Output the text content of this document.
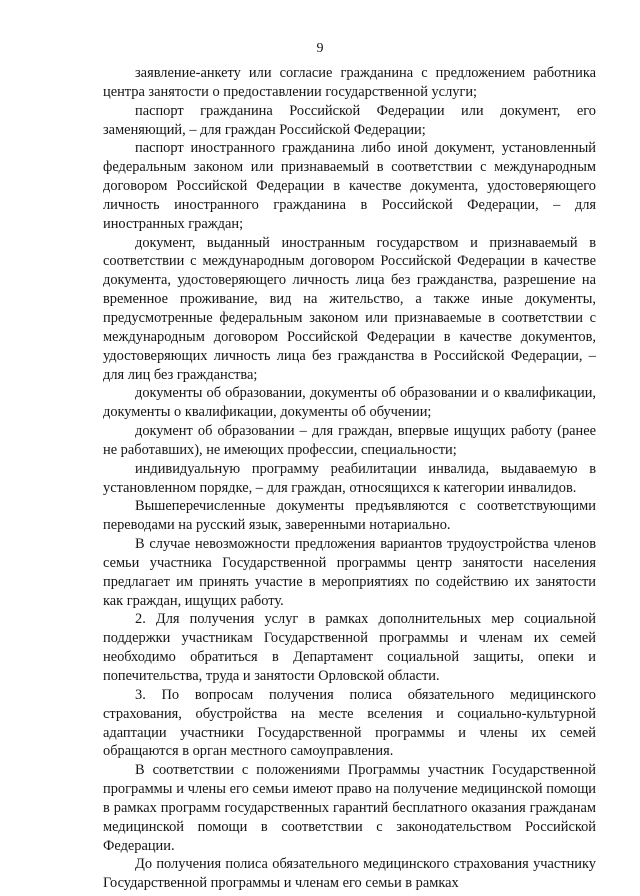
9

заявление-анкету или согласие гражданина с предложением работника центра занятости о предоставлении государственной услуги;

паспорт гражданина Российской Федерации или документ, его заменяющий, – для граждан Российской Федерации;

паспорт иностранного гражданина либо иной документ, установленный федеральным законом или признаваемый в соответствии с международным договором Российской Федерации в качестве документа, удостоверяющего личность иностранного гражданина в Российской Федерации, – для иностранных граждан;

документ, выданный иностранным государством и признаваемый в соответствии с международным договором Российской Федерации в качестве документа, удостоверяющего личность лица без гражданства, разрешение на временное проживание, вид на жительство, а также иные документы, предусмотренные федеральным законом или признаваемые в соответствии с международным договором Российской Федерации в качестве документов, удостоверяющих личность лица без гражданства в Российской Федерации, – для лиц без гражданства;

документы об образовании, документы об образовании и о квалификации, документы о квалификации, документы об обучении;

документ об образовании – для граждан, впервые ищущих работу (ранее не работавших), не имеющих профессии, специальности;

индивидуальную программу реабилитации инвалида, выдаваемую в установленном порядке, – для граждан, относящихся к категории инвалидов.

Вышеперечисленные документы предъявляются с соответствующими переводами на русский язык, заверенными нотариально.

В случае невозможности предложения вариантов трудоустройства членов семьи участника Государственной программы центр занятости населения предлагает им принять участие в мероприятиях по содействию их занятости как граждан, ищущих работу.

2. Для получения услуг в рамках дополнительных мер социальной поддержки участникам Государственной программы и членам их семей необходимо обратиться в Департамент социальной защиты, опеки и попечительства, труда и занятости Орловской области.

3. По вопросам получения полиса обязательного медицинского страхования, обустройства на месте вселения и социально-культурной адаптации участники Государственной программы и члены их семей обращаются в орган местного самоуправления.

В соответствии с положениями Программы участник Государственной программы и члены его семьи имеют право на получение медицинской помощи в рамках программ государственных гарантий бесплатного оказания гражданам медицинской помощи в соответствии с законодательством Российской Федерации.

До получения полиса обязательного медицинского страхования участнику Государственной программы и членам его семьи в рамках
